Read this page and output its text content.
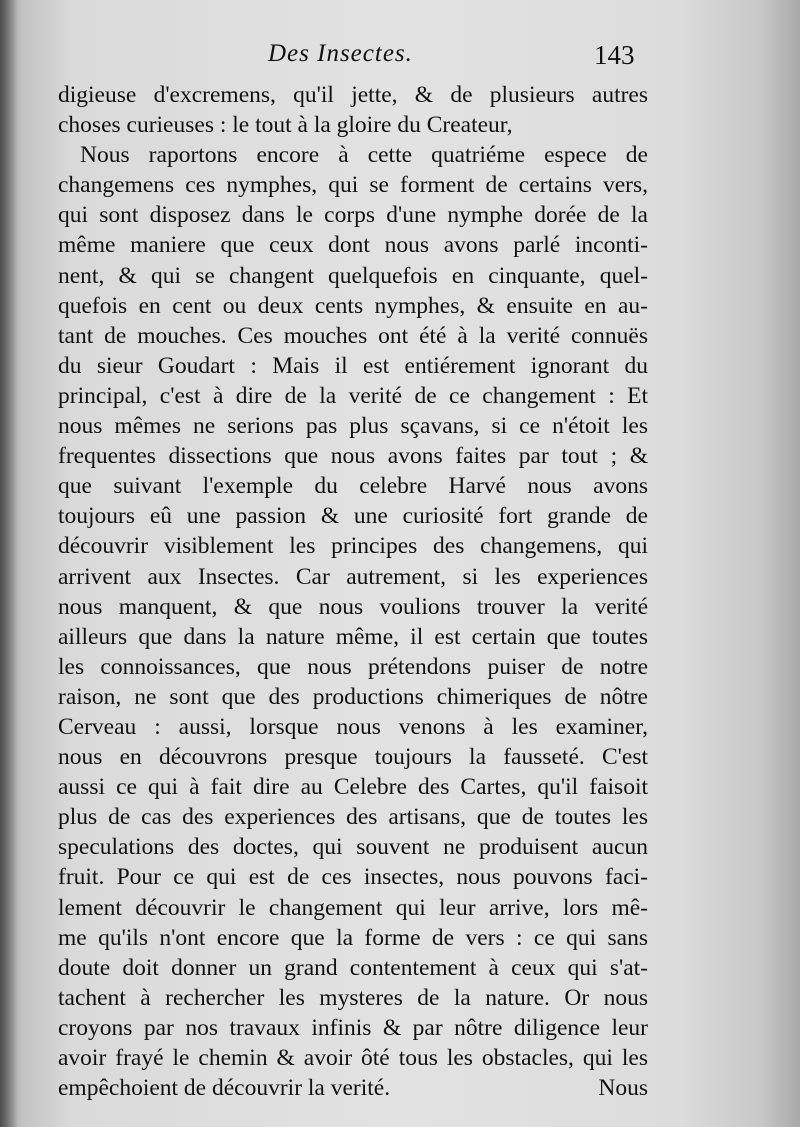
Des Insectes.	143
digieuse d'excremens, qu'il jette, & de plusieurs autres
choses curieuses : le tout à la gloire du Createur,
Nous raportons encore à cette quatriéme espece de
changemens ces nymphes, qui se forment de certains vers,
qui sont disposez dans le corps d'une nymphe dorée de la
même maniere que ceux dont nous avons parlé inconti-
nent, & qui se changent quelquefois en cinquante, quel-
quefois en cent ou deux cents nymphes, & ensuite en au-
tant de mouches. Ces mouches ont été à la verité connuës
du sieur Goudart : Mais il est entiérement ignorant du
principal, c'est à dire de la verité de ce changement : Et
nous mêmes ne serions pas plus sçavans, si ce n'étoit les
frequentes dissections que nous avons faites par tout ; &
que suivant l'exemple du celebre Harvé nous avons
toujours eû une passion & une curiosité fort grande de
découvrir visiblement les principes des changemens, qui
arrivent aux Insectes. Car autrement, si les experiences
nous manquent, & que nous voulions trouver la verité
ailleurs que dans la nature même, il est certain que toutes
les connoissances, que nous prétendons puiser de notre
raison, ne sont que des productions chimeriques de nôtre
Cerveau : aussi, lorsque nous venons à les examiner,
nous en découvrons presque toujours la fausseté. C'est
aussi ce qui à fait dire au Celebre des Cartes, qu'il faisoit
plus de cas des experiences des artisans, que de toutes les
speculations des doctes, qui souvent ne produisent aucun
fruit. Pour ce qui est de ces insectes, nous pouvons faci-
lement découvrir le changement qui leur arrive, lors mê-
me qu'ils n'ont encore que la forme de vers : ce qui sans
doute doit donner un grand contentement à ceux qui s'at-
tachent à rechercher les mysteres de la nature. Or nous
croyons par nos travaux infinis & par nôtre diligence leur
avoir frayé le chemin & avoir ôté tous les obstacles, qui les
empêchoient de découvrir la verité.	Nous
